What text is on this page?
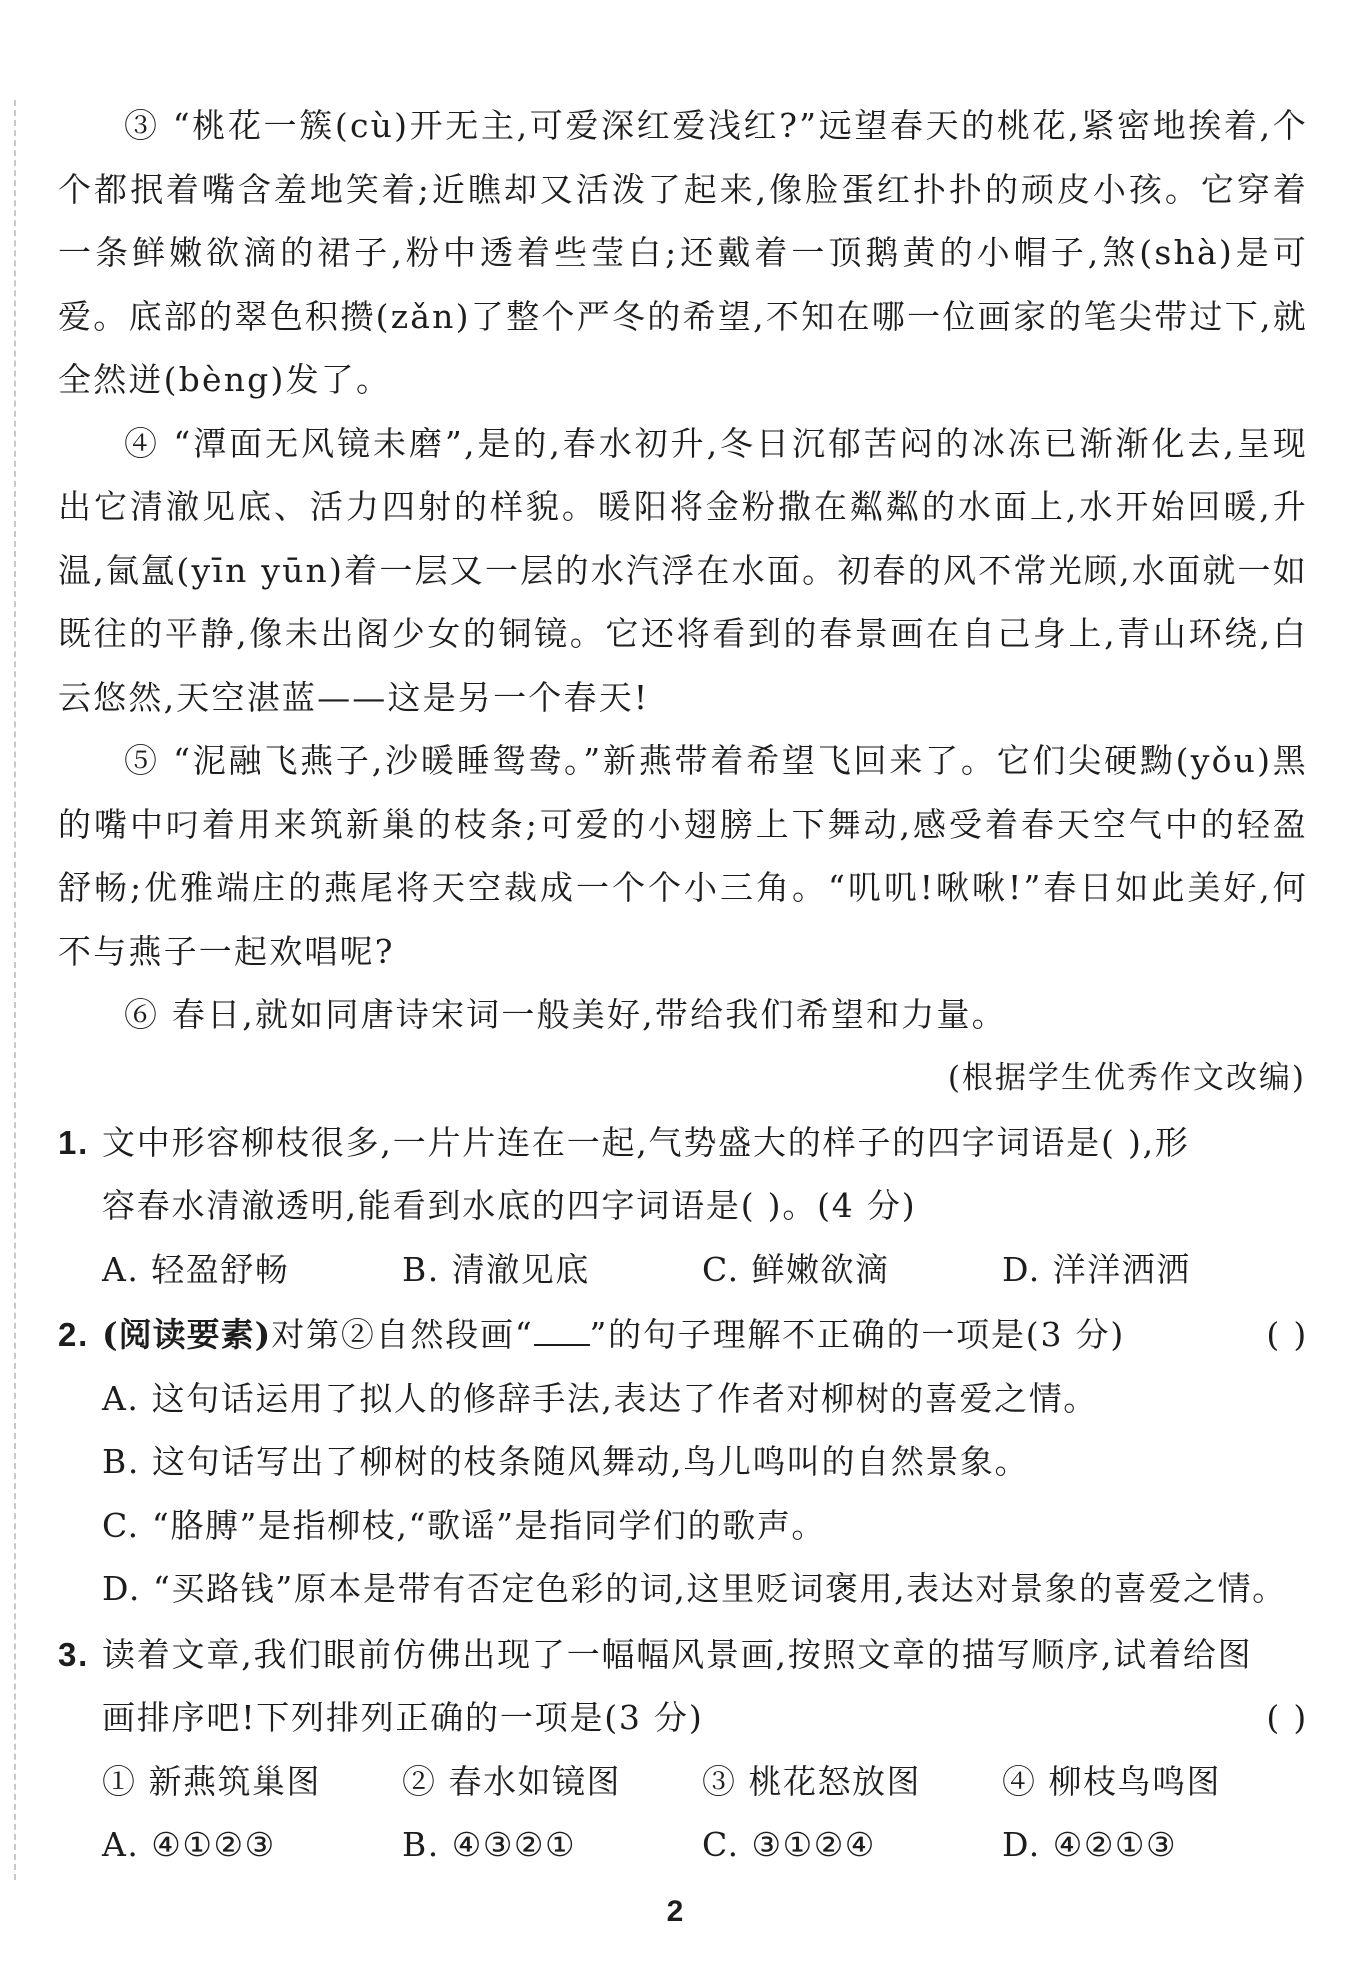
③ “桃花一簇(cù)开无主,可爱深红爱浅红?”远望春天的桃花,紧密地挨着,个个都抿着嘴含羞地笑着;近瞧却又活泼了起来,像脸蛋红扑扑的顽皮小孩。它穿着一条鲜嫩欲滴的裙子,粉中透着些莹白;还戴着一顶鹅黄的小帽子,煞(shà)是可爱。底部的翠色积攒(zǎn)了整个严冬的希望,不知在哪一位画家的笔尖带过下,就全然迸(bèng)发了。

④ “潭面无风镜未磨”,是的,春水初升,冬日沉郁苦闷的冰冻已渐渐化去,呈现出它清澈见底、活力四射的样貌。暖阳将金粉撒在粼粼的水面上,水开始回暖,升温,氤氲(yīn yūn)着一层又一层的水汽浮在水面。初春的风不常光顾,水面就一如既往的平静,像未出阁少女的铜镜。它还将看到的春景画在自己身上,青山环绕,白云悠然,天空湛蓝——这是另一个春天!

⑤ “泥融飞燕子,沙暖睡鸳鸯。”新燕带着希望飞回来了。它们尖硬黝(yǒu)黑的嘴中叼着用来筑新巢的枝条;可爱的小翅膀上下舞动,感受着春天空气中的轻盈舒畅;优雅端庄的燕尾将天空裁成一个个小三角。“叽叽!啾啾!”春日如此美好,何不与燕子一起欢唱呢?

⑥ 春日,就如同唐诗宋词一般美好,带给我们希望和力量。

(根据学生优秀作文改编)

1. 文中形容柳枝很多,一片片连在一起,气势盛大的样子的四字词语是( ),形

容春水清澈透明,能看到水底的四字词语是( )。(4 分)

A. 轻盈舒畅	B. 清澈见底	C. 鲜嫩欲滴	D. 洋洋洒洒

2. (阅读要素)对第②自然段画“ ”的句子理解不正确的一项是(3 分)	( )

A. 这句话运用了拟人的修辞手法,表达了作者对柳树的喜爱之情。

B. 这句话写出了柳树的枝条随风舞动,鸟儿鸣叫的自然景象。

C. “胳膊”是指柳枝,“歌谣”是指同学们的歌声。

D. “买路钱”原本是带有否定色彩的词,这里贬词褒用,表达对景象的喜爱之情。

3. 读着文章,我们眼前仿佛出现了一幅幅风景画,按照文章的描写顺序,试着给图

画排序吧!下列排列正确的一项是(3 分)	( )

① 新燕筑巢图	② 春水如镜图	③ 桃花怒放图	④ 柳枝鸟鸣图
A. ④①②③	B. ④③②①	C. ③①②④	D. ④②①③
2
